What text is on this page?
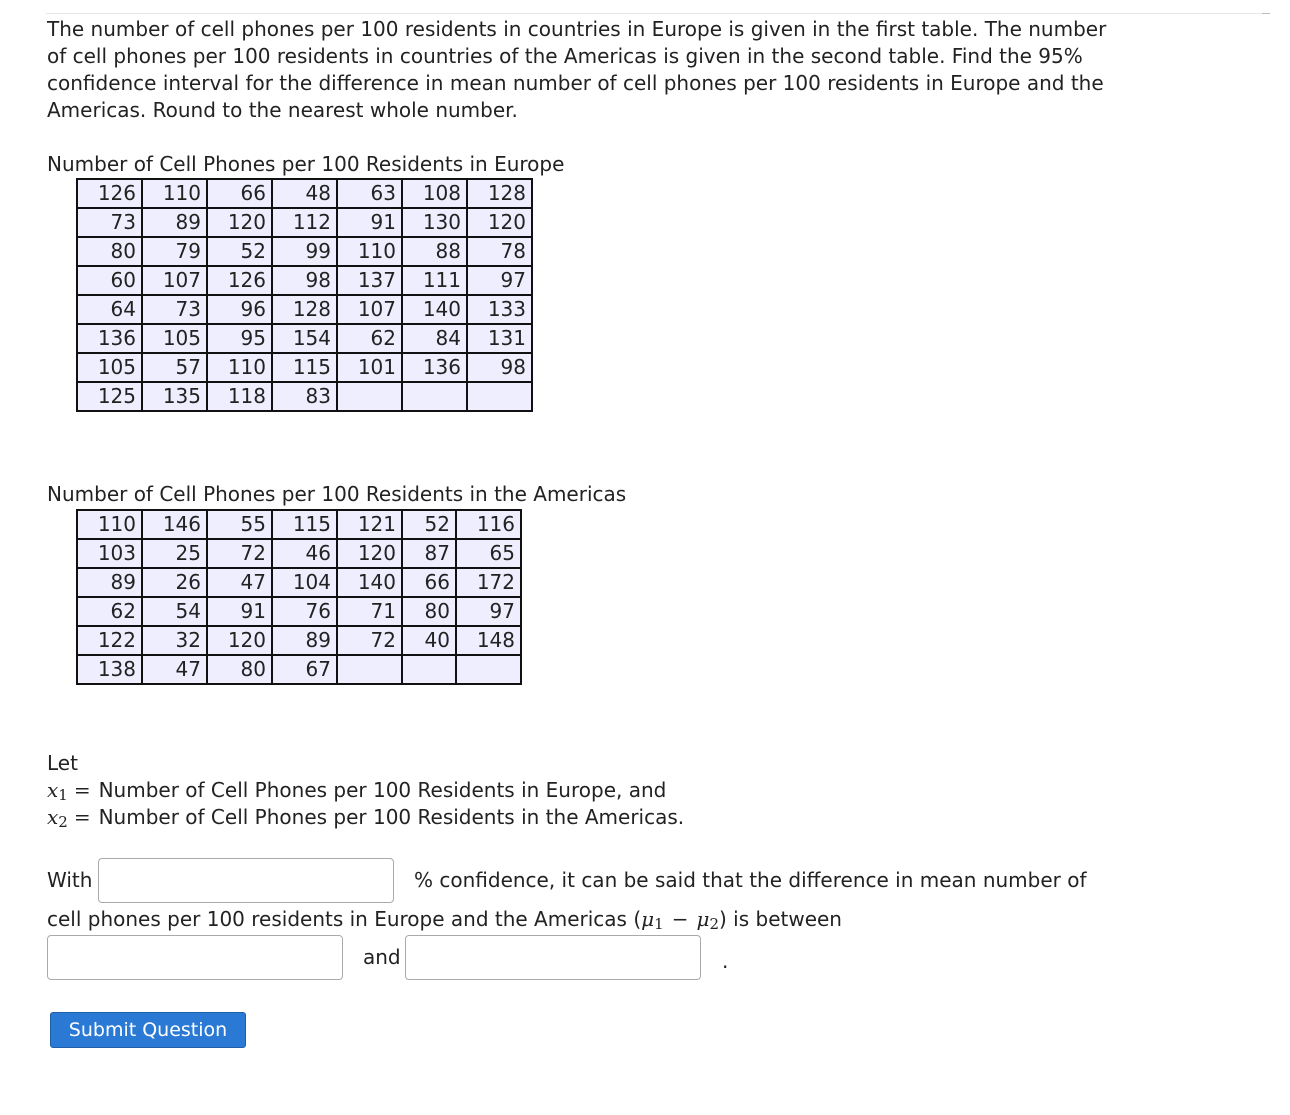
The number of cell phones per 100 residents in countries in Europe is given in the first table. The number of cell phones per 100 residents in countries of the Americas is given in the second table. Find the 95% confidence interval for the difference in mean number of cell phones per 100 residents in Europe and the Americas. Round to the nearest whole number.
Number of Cell Phones per 100 Residents in Europe
126	110	66	48	63	108	128
73	89	120	112	91	130	120
80	79	52	99	110	88	78
60	107	126	98	137	111	97
64	73	96	128	107	140	133
136	105	95	154	62	84	131
105	57	110	115	101	136	98
125	135	118	83			
Number of Cell Phones per 100 Residents in the Americas
110	146	55	115	121	52	116
103	25	72	46	120	87	65
89	26	47	104	140	66	172
62	54	91	76	71	80	97
122	32	120	89	72	40	148
138	47	80	67			
Let
$x_1$ = Number of Cell Phones per 100 Residents in Europe, and
$x_2$ = Number of Cell Phones per 100 Residents in the Americas.
With	% confidence, it can be said that the difference in mean number of
cell phones per 100 residents in Europe and the Americas $(\mu_1 - \mu_2)$ is between
and	.
Submit Question
